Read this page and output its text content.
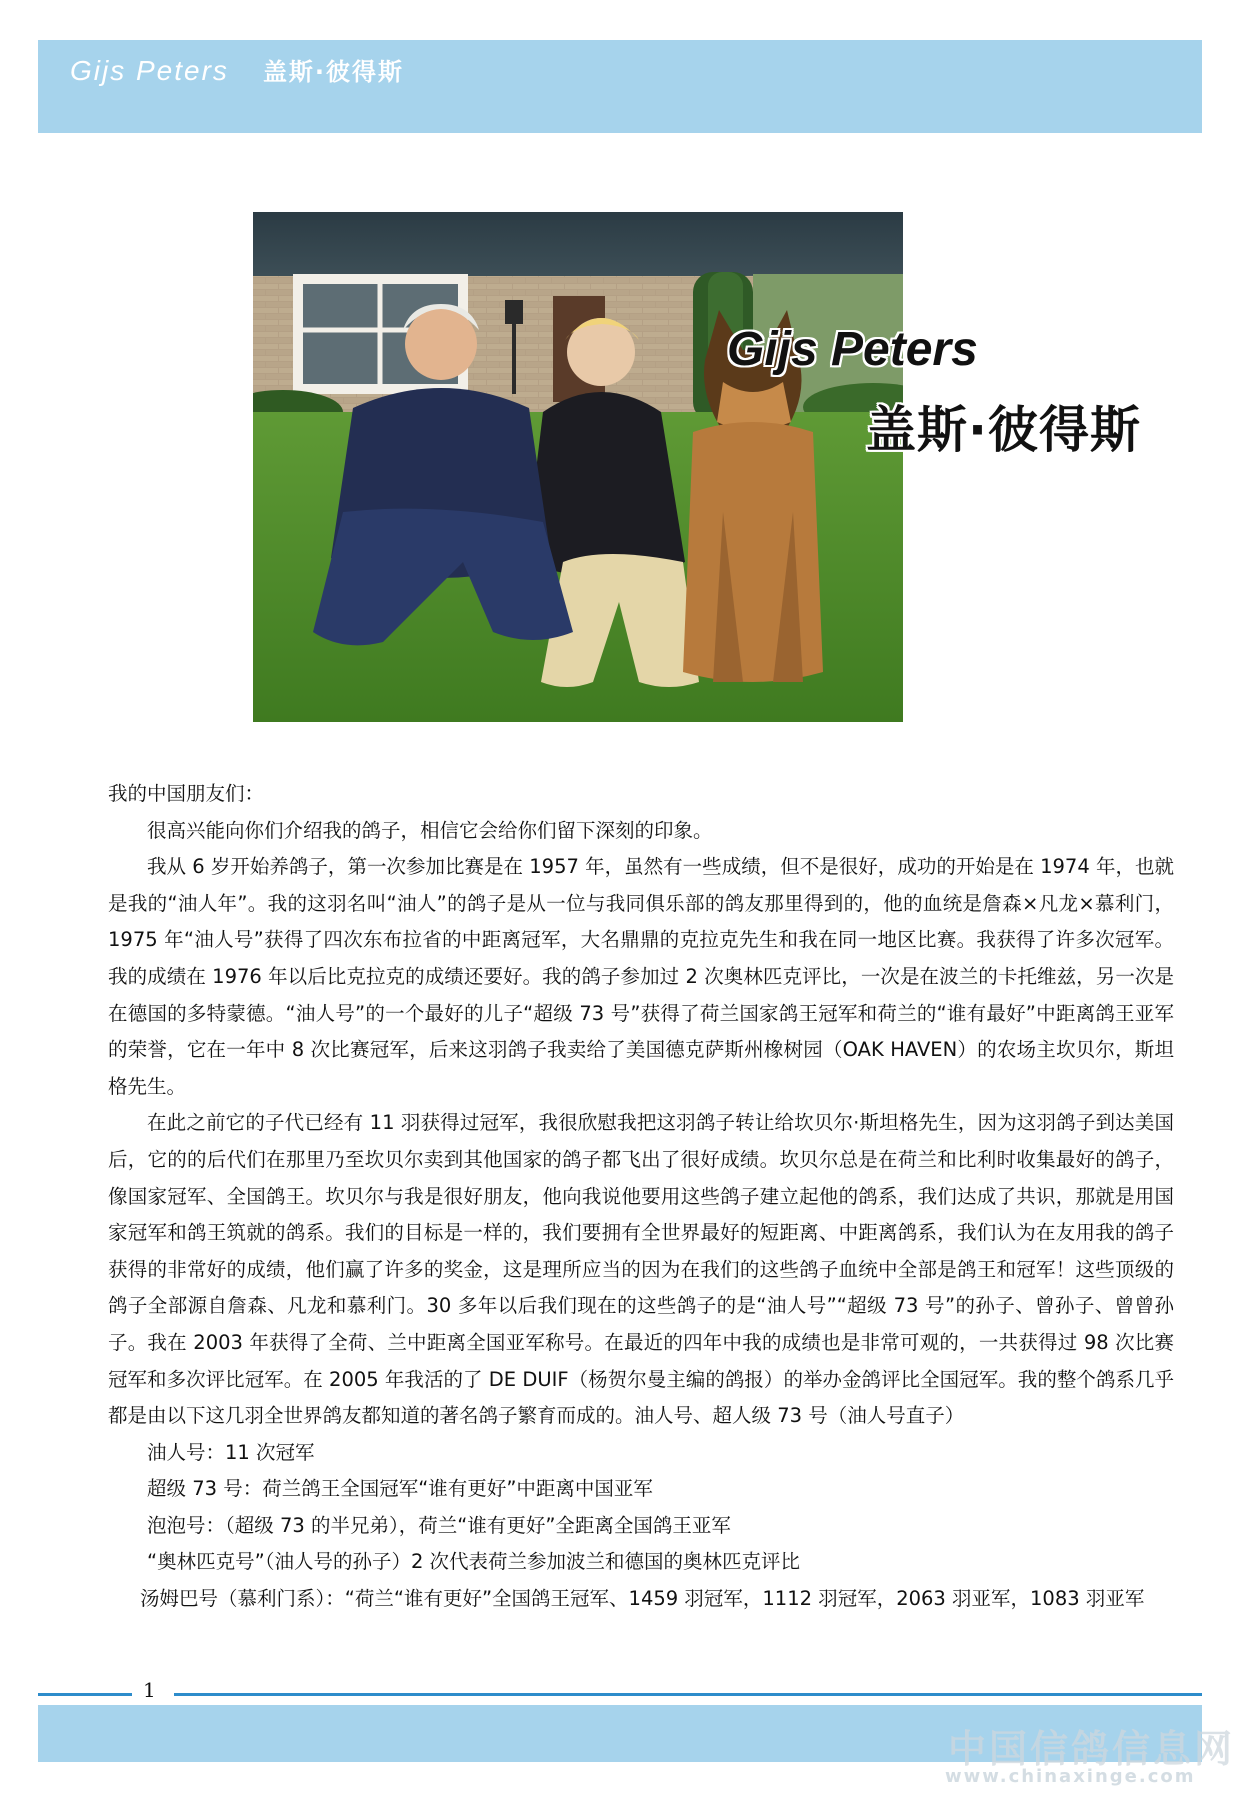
Gijs Peters 盖斯·彼得斯
Gijs Peters
盖斯·彼得斯

我的中国朋友们：

很高兴能向你们介绍我的鸽子，相信它会给你们留下深刻的印象。

我从 6 岁开始养鸽子，第一次参加比赛是在 1957 年，虽然有一些成绩，但不是很好，成功的开始是在 1974 年，也就是我的“油人年”。我的这羽名叫“油人”的鸽子是从一位与我同俱乐部的鸽友那里得到的，他的血统是詹森×凡龙×慕利门，1975 年“油人号”获得了四次东布拉省的中距离冠军，大名鼎鼎的克拉克先生和我在同一地区比赛。我获得了许多次冠军。我的成绩在 1976 年以后比克拉克的成绩还要好。我的鸽子参加过 2 次奥林匹克评比，一次是在波兰的卡托维兹，另一次是在德国的多特蒙德。“油人号”的一个最好的儿子“超级 73 号”获得了荷兰国家鸽王冠军和荷兰的“谁有最好”中距离鸽王亚军的荣誉，它在一年中 8 次比赛冠军，后来这羽鸽子我卖给了美国德克萨斯州橡树园（OAK HAVEN）的农场主坎贝尔，斯坦格先生。

在此之前它的子代已经有 11 羽获得过冠军，我很欣慰我把这羽鸽子转让给坎贝尔·斯坦格先生，因为这羽鸽子到达美国后，它的的后代们在那里乃至坎贝尔卖到其他国家的鸽子都飞出了很好成绩。坎贝尔总是在荷兰和比利时收集最好的鸽子，像国家冠军、全国鸽王。坎贝尔与我是很好朋友，他向我说他要用这些鸽子建立起他的鸽系，我们达成了共识，那就是用国家冠军和鸽王筑就的鸽系。我们的目标是一样的，我们要拥有全世界最好的短距离、中距离鸽系，我们认为在友用我的鸽子获得的非常好的成绩，他们赢了许多的奖金，这是理所应当的因为在我们的这些鸽子血统中全部是鸽王和冠军！这些顶级的鸽子全部源自詹森、凡龙和慕利门。30 多年以后我们现在的这些鸽子的是“油人号”“超级 73 号”的孙子、曾孙子、曾曾孙子。我在 2003 年获得了全荷、兰中距离全国亚军称号。在最近的四年中我的成绩也是非常可观的，一共获得过 98 次比赛冠军和多次评比冠军。在 2005 年我活的了 DE DUIF（杨贺尔曼主编的鸽报）的举办金鸽评比全国冠军。我的整个鸽系几乎都是由以下这几羽全世界鸽友都知道的著名鸽子繁育而成的。油人号、超人级 73 号（油人号直子）

油人号：11 次冠军

超级 73 号：荷兰鸽王全国冠军“谁有更好”中距离中国亚军

泡泡号：（超级 73 的半兄弟），荷兰“谁有更好”全距离全国鸽王亚军

“奥林匹克号”（油人号的孙子）2 次代表荷兰参加波兰和德国的奥林匹克评比

汤姆巴号（慕利门系）：“荷兰“谁有更好”全国鸽王冠军、1459 羽冠军，1112 羽冠军，2063 羽亚军，1083 羽亚军

1
中国信鸽信息网
www.chinaxinge.com
